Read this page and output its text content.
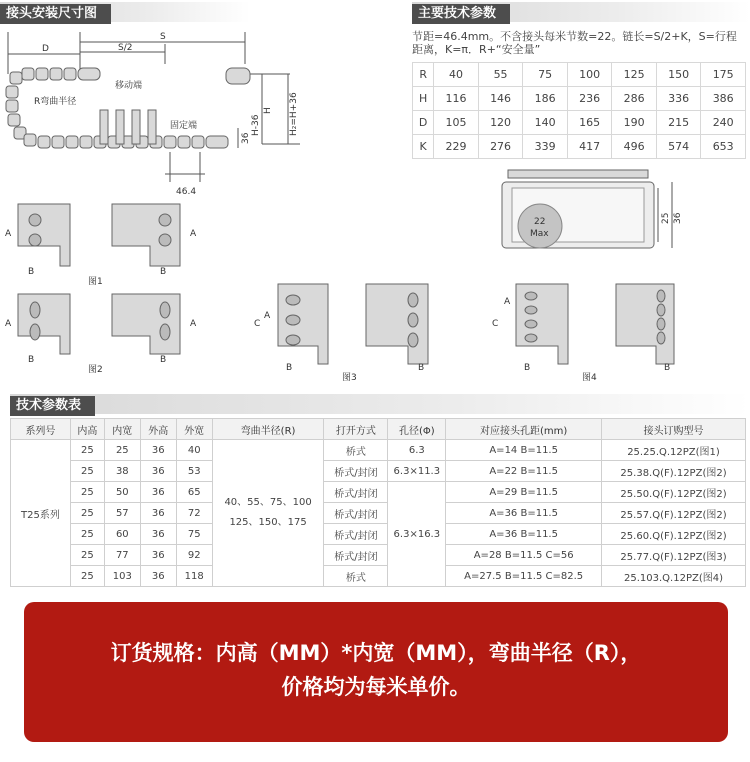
接头安装尺寸图	主要技术参数
技术参数表
D
S
S/2
移动端
R弯曲半径
固定端	H-36
H H₂=H+36
36
46.4
A	A
B	B
图1
A	A
B	B
图2
C
A
B	B
图3
C
A
B	B
图4
22
Max
25 36
节距=46.4mm。不含接头每米节数=22。链长=S/2+K，S=行程距离，K=π．R+“安全量”
R	40	55	75	100	125	150	175
H	116	146	186	236	286	336	386
D	105	120	140	165	190	215	240
K	229	276	339	417	496	574	653
系列号	内高	内宽	外高	外宽	弯曲半径(R)	打开方式	孔径(Φ)	对应接头孔距(mm)	接头订购型号
T25系列	25	25	36	40	40、55、75、100
125、150、175	桥式	6.3	A=14 B=11.5	25.25.Q.12PZ(图1)
	25	38	36	53		桥式/封闭	6.3×11.3	A=22 B=11.5	25.38.Q(F).12PZ(图2)
	25	50	36	65		桥式/封闭	6.3×16.3	A=29 B=11.5	25.50.Q(F).12PZ(图2)
	25	57	36	72		桥式/封闭		A=36 B=11.5	25.57.Q(F).12PZ(图2)
	25	60	36	75		桥式/封闭		A=36 B=11.5	25.60.Q(F).12PZ(图2)
	25	77	36	92		桥式/封闭		A=28 B=11.5 C=56	25.77.Q(F).12PZ(图3)
	25	103	36	118		桥式		A=27.5 B=11.5 C=82.5	25.103.Q.12PZ(图4)
订货规格：内高（MM）*内宽（MM），弯曲半径（R），
价格均为每米单价。
